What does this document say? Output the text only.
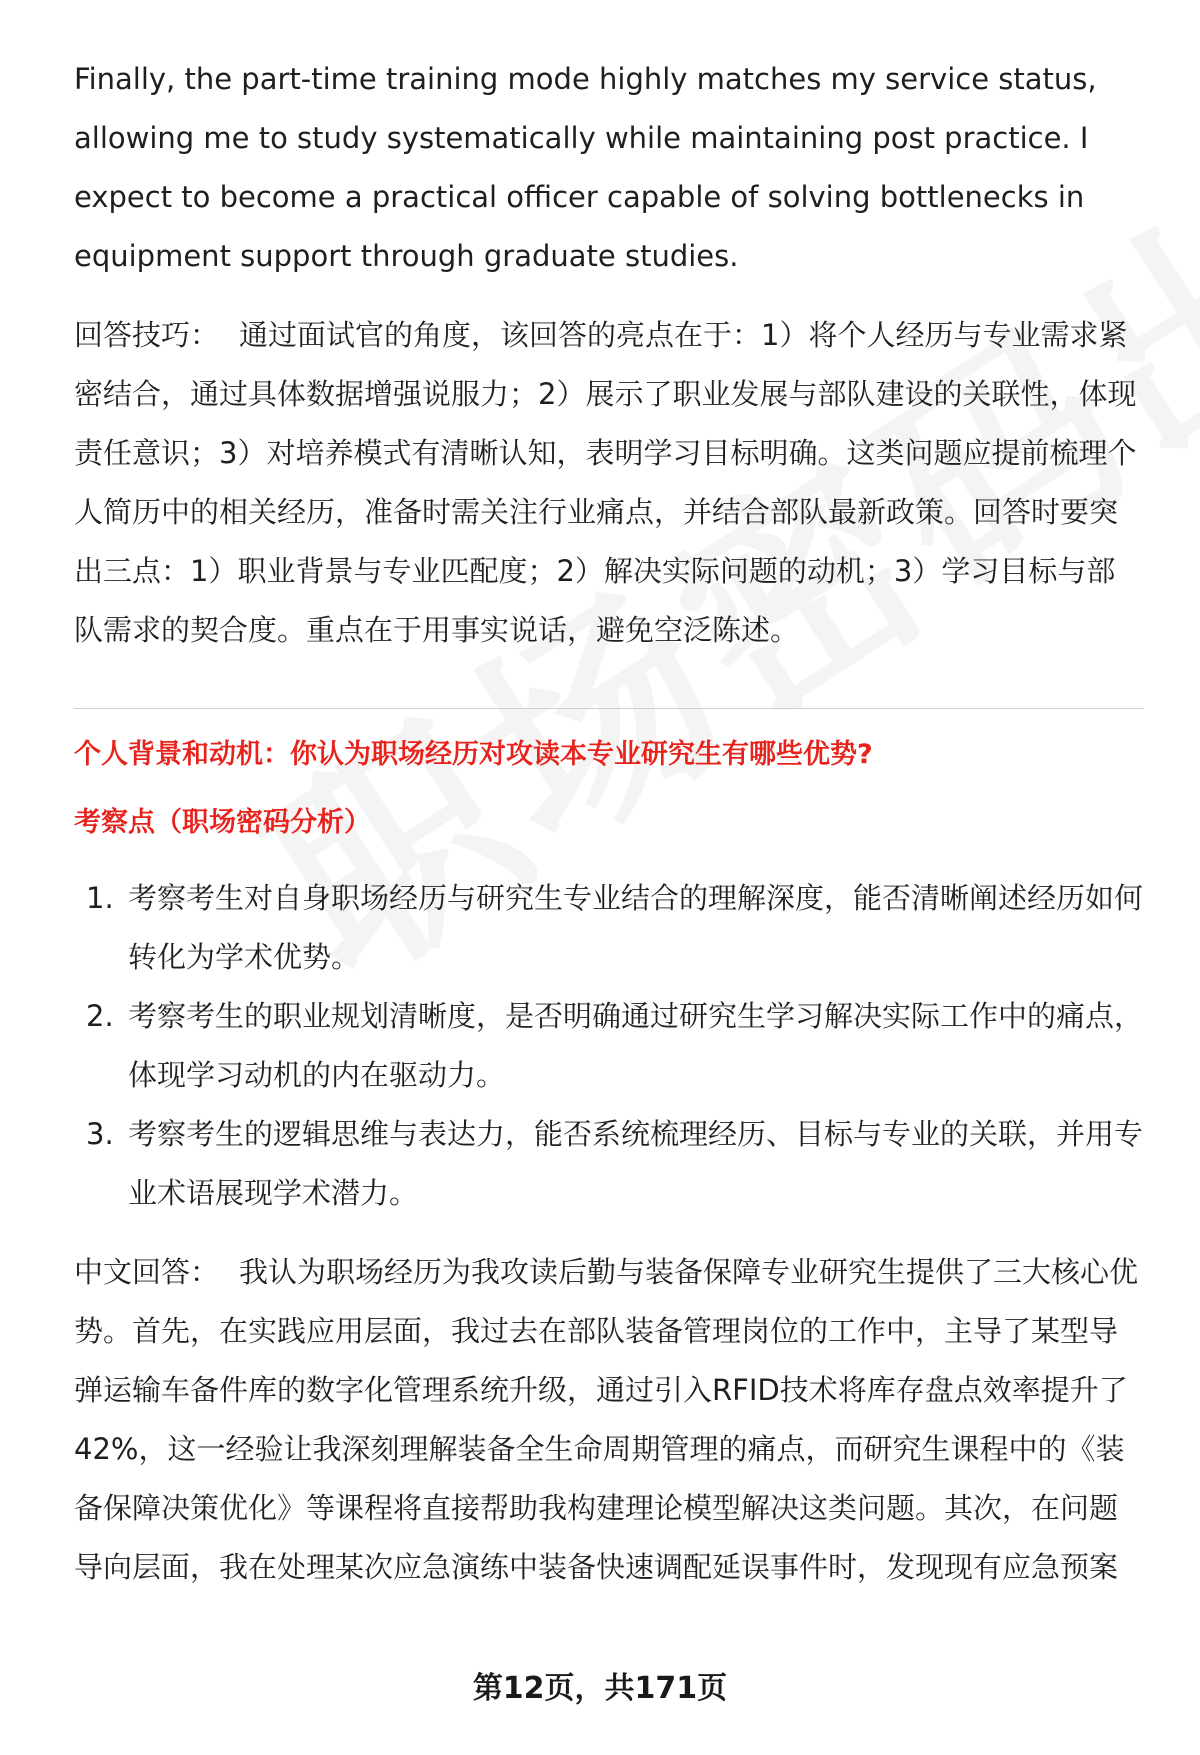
Finally, the part-time training mode highly matches my service status, allowing me to study systematically while maintaining post practice. I expect to become a practical officer capable of solving bottlenecks in equipment support through graduate studies.

回答技巧： 通过面试官的角度，该回答的亮点在于：1）将个人经历与专业需求紧密结合，通过具体数据增强说服力；2）展示了职业发展与部队建设的关联性，体现责任意识；3）对培养模式有清晰认知，表明学习目标明确。这类问题应提前梳理个人简历中的相关经历，准备时需关注行业痛点，并结合部队最新政策。回答时要突出三点：1）职业背景与专业匹配度；2）解决实际问题的动机；3）学习目标与部队需求的契合度。重点在于用事实说话，避免空泛陈述。

个人背景和动机：你认为职场经历对攻读本专业研究生有哪些优势?
考察点（职场密码分析）
1. 考察考生对自身职场经历与研究生专业结合的理解深度，能否清晰阐述经历如何转化为学术优势。
2. 考察考生的职业规划清晰度，是否明确通过研究生学习解决实际工作中的痛点，体现学习动机的内在驱动力。
3. 考察考生的逻辑思维与表达力，能否系统梳理经历、目标与专业的关联，并用专业术语展现学术潜力。

中文回答： 我认为职场经历为我攻读后勤与装备保障专业研究生提供了三大核心优势。首先，在实践应用层面，我过去在部队装备管理岗位的工作中，主导了某型导弹运输车备件库的数字化管理系统升级，通过引入RFID技术将库存盘点效率提升了42%，这一经验让我深刻理解装备全生命周期管理的痛点，而研究生课程中的《装备保障决策优化》等课程将直接帮助我构建理论模型解决这类问题。其次，在问题导向层面，我在处理某次应急演练中装备快速调配延误事件时，发现现有应急预案

第12页，共171页
